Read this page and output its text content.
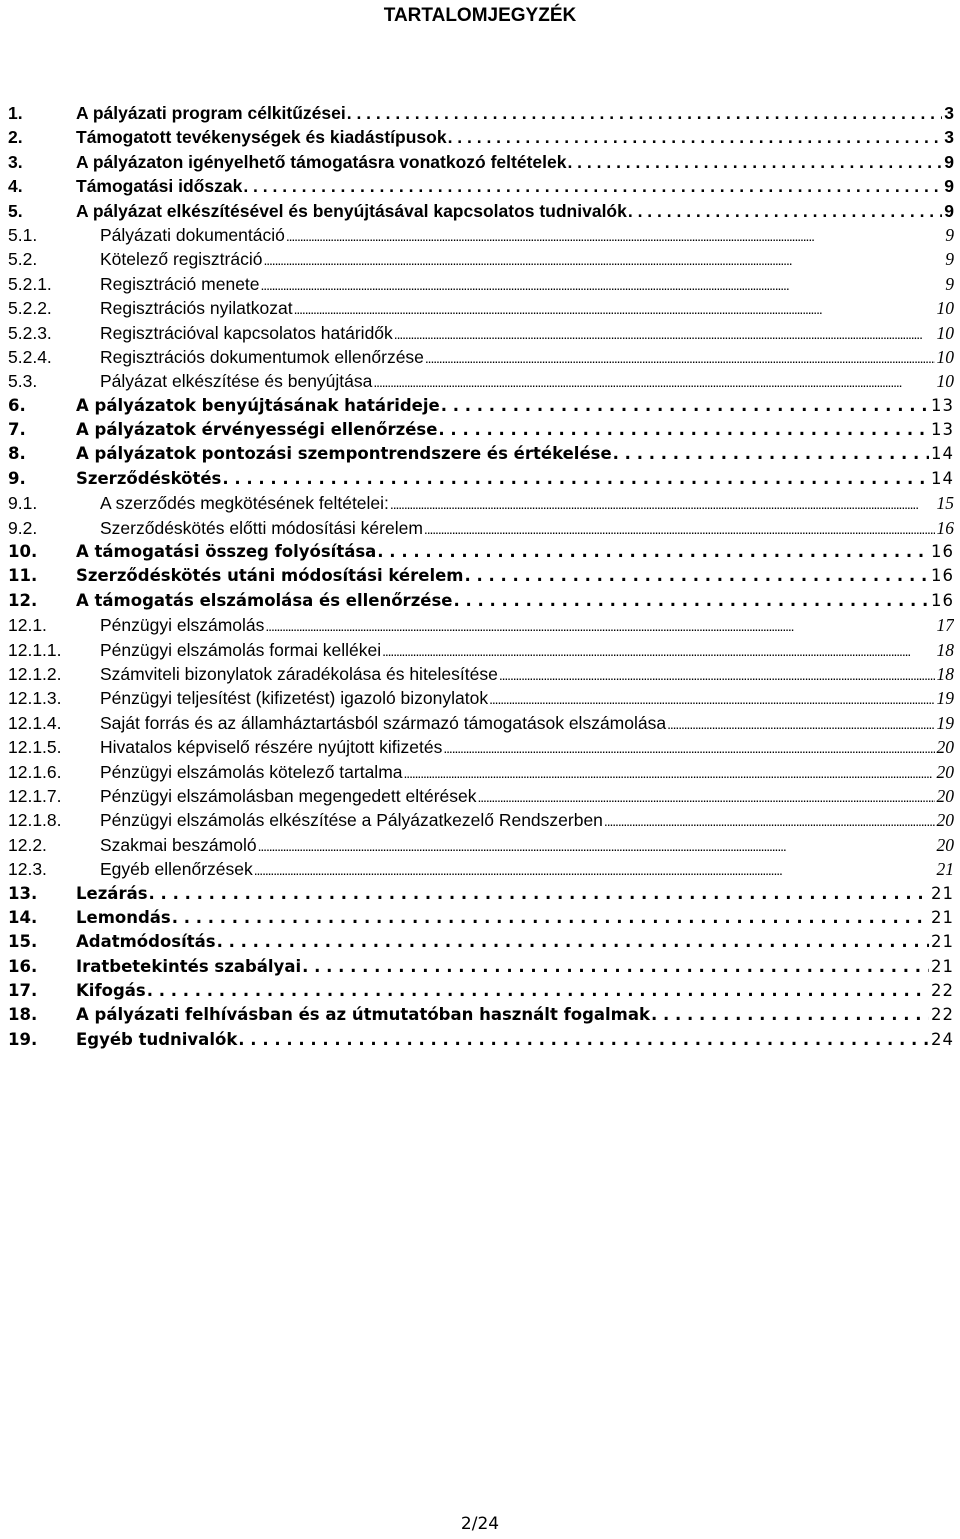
TARTALOMJEGYZÉK
1.	A pályázati program célkitűzései . . .	3
2.	Támogatott tevékenységek és kiadástípusok . . .	3
3.	A pályázaton igényelhető támogatásra vonatkozó feltételek . . .	9
4.	Támogatási időszak . . .	9
5.	A pályázat elkészítésével és benyújtásával kapcsolatos tudnivalók . . .	9
5.1.	Pályázati dokumentáció . . .	9
5.2.	Kötelező regisztráció . . .	9
5.2.1.	Regisztráció menete . . .	9
5.2.2.	Regisztrációs nyilatkozat . . .	10
5.2.3.	Regisztrációval kapcsolatos határidők . . .	10
5.2.4.	Regisztrációs dokumentumok ellenőrzése . . .	10
5.3.	Pályázat elkészítése és benyújtása . . .	10
6.	A pályázatok benyújtásának határideje . . .	13
7.	A pályázatok érvényességi ellenőrzése . . .	13
8.	A pályázatok pontozási szempontrendszere és értékelése . . .	14
9.	Szerződéskötés . . .	14
9.1.	A szerződés megkötésének feltételei: . . .	15
9.2.	Szerződéskötés előtti módosítási kérelem . . .	16
10.	A támogatási összeg folyósítása . . .	16
11.	Szerződéskötés utáni módosítási kérelem . . .	16
12.	A támogatás elszámolása és ellenőrzése . . .	16
12.1.	Pénzügyi elszámolás . . .	17
12.1.1.	Pénzügyi elszámolás formai kellékei . . .	18
12.1.2.	Számviteli bizonylatok záradékolása és hitelesítése . . .	18
12.1.3.	Pénzügyi teljesítést (kifizetést) igazoló bizonylatok . . .	19
12.1.4.	Saját forrás és az államháztartásból származó támogatások elszámolása . . .	19
12.1.5.	Hivatalos képviselő részére nyújtott kifizetés . . .	20
12.1.6.	Pénzügyi elszámolás kötelező tartalma . . .	20
12.1.7.	Pénzügyi elszámolásban megengedett eltérések . . .	20
12.1.8.	Pénzügyi elszámolás elkészítése a Pályázatkezelő Rendszerben . . .	20
12.2.	Szakmai beszámoló . . .	20
12.3.	Egyéb ellenőrzések . . .	21
13.	Lezárás . . .	21
14.	Lemondás . . .	21
15.	Adatmódosítás . . .	21
16.	Iratbetekintés szabályai . . .	21
17.	Kifogás . . .	22
18.	A pályázati felhívásban és az útmutatóban használt fogalmak . . .	22
19.	Egyéb tudnivalók . . .	24
2/24
